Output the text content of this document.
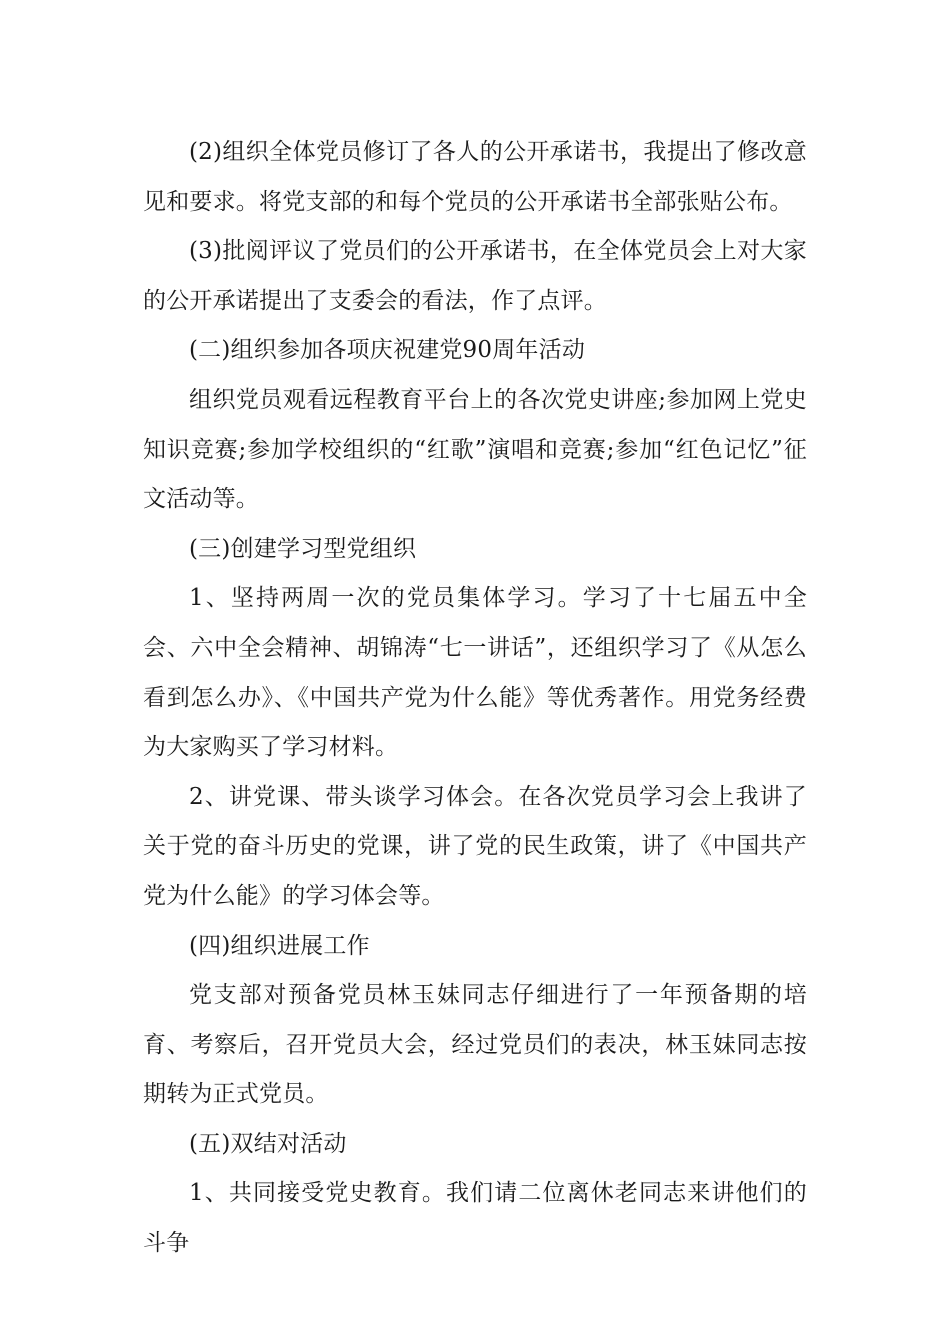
(2)组织全体党员修订了各人的公开承诺书，我提出了修改意见和要求。将党支部的和每个党员的公开承诺书全部张贴公布。

(3)批阅评议了党员们的公开承诺书，在全体党员会上对大家的公开承诺提出了支委会的看法，作了点评。

(二)组织参加各项庆祝建党90周年活动

组织党员观看远程教育平台上的各次党史讲座;参加网上党史知识竞赛;参加学校组织的“红歌”演唱和竞赛;参加“红色记忆”征文活动等。

(三)创建学习型党组织

1、坚持两周一次的党员集体学习。学习了十七届五中全会、六中全会精神、胡锦涛“七一讲话”，还组织学习了《从怎么看到怎么办》、《中国共产党为什么能》等优秀著作。用党务经费为大家购买了学习材料。

2、讲党课、带头谈学习体会。在各次党员学习会上我讲了关于党的奋斗历史的党课，讲了党的民生政策，讲了《中国共产党为什么能》的学习体会等。

(四)组织进展工作

党支部对预备党员林玉妹同志仔细进行了一年预备期的培育、考察后，召开党员大会，经过党员们的表决，林玉妹同志按期转为正式党员。

(五)双结对活动

1、共同接受党史教育。我们请二位离休老同志来讲他们的斗争
